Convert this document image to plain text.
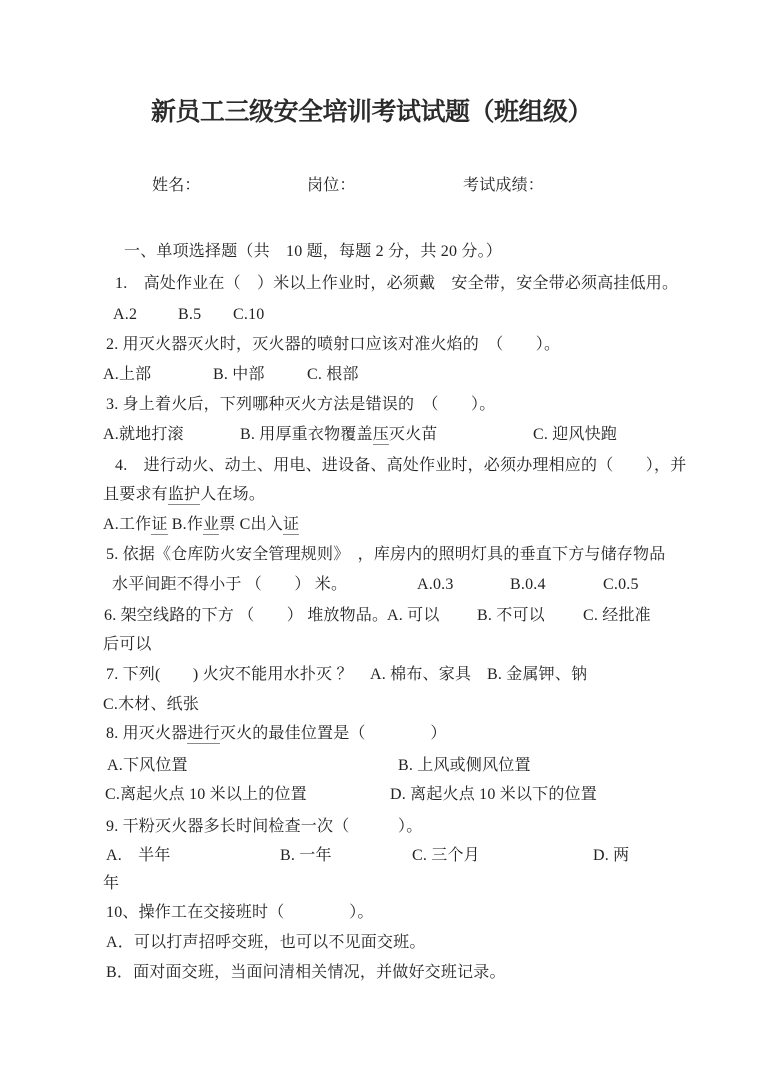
新员工三级安全培训考试试题（班组级）
姓名：	岗位：	考试成绩：
一、单项选择题（共　10 题，每题 2 分，共 20 分。）
1.　高处作业在（　）米以上作业时，必须戴　安全带，安全带必须高挂低用。
A.2	B.5 C.10
2. 用灭火器灭火时，灭火器的喷射口应该对准火焰的　（　　）。
A.上部	B. 中部	C. 根部
3. 身上着火后，下列哪种灭火方法是错误的　（　　）。
A.就地打滚	B. 用厚重衣物覆盖压灭火苗	C. 迎风快跑
4.　进行动火、动土、用电、进设备、高处作业时，必须办理相应的（　　），并
且要求有监护人在场。
A.工作证 B.作业票 C出入证
5. 依据《仓库防火安全管理规则》　，库房内的照明灯具的垂直下方与储存物品
水平间距不得小于 （　　） 米。	A.0.3	B.0.4	C.0.5
6. 架空线路的下方 （　　） 堆放物品。
A. 可以 B. 不可以 C. 经批准
后可以
7. 下列(　　) 火灾不能用水扑灭 ？ A. 棉布、家具 B. 金属钾、钠
C.木材、纸张
8. 用灭火器进行灭火的最佳位置是（　　　　）
A.下风位置	B. 上风或侧风位置
C.离起火点 10 米以上的位置	D. 离起火点 10 米以下的位置
9. 干粉灭火器多长时间检查一次（　　　）。
A.　半年	B. 一年	C. 三个月	D. 两
年
10、操作工在交接班时（　　　　）。
A．可以打声招呼交班，也可以不见面交班。
B．面对面交班，当面问清相关情况，并做好交班记录。
